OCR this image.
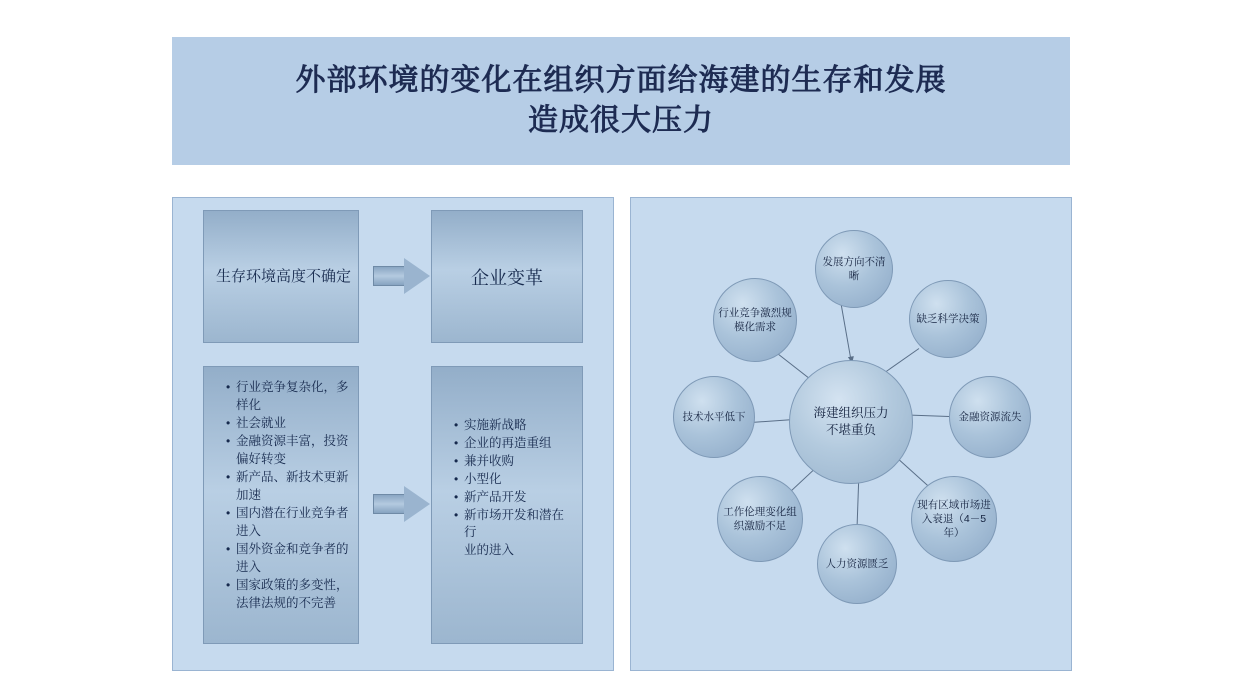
外部环境的变化在组织方面给海建的生存和发展
造成很大压力
生存环境高度不确定	企业变革
• 行业竞争复杂化，多
样化
• 社会就业
• 金融资源丰富，投资
偏好转变
• 新产品、新技术更新
加速
• 国内潜在行业竞争者
进入
• 国外资金和竞争者的
进入
• 国家政策的多变性，
法律法规的不完善
• 实施新战略
• 企业的再造重组
• 兼并收购
• 小型化
• 新产品开发
• 新市场开发和潜在行
业的进入
海建组织压力
不堪重负
发展方向不清晰
缺乏科学决策
金融资源流失
现有区域市场进入衰退（4－5年）
人力资源匮乏
工作伦理变化组织激励不足
技术水平低下
行业竞争激烈规模化需求
